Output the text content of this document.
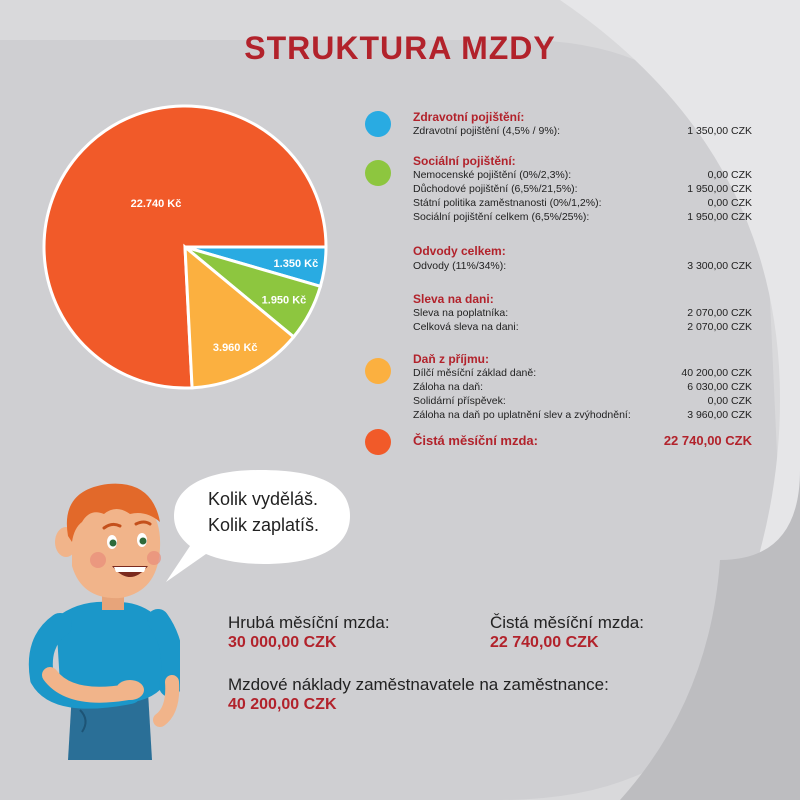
STRUKTURA MZDY
22.740 Kč
1.350 Kč
1.950 Kč
3.960 Kč
Zdravotní pojištění:
Zdravotní pojištění (4,5% / 9%):	1 350,00 CZK
Sociální pojištění:
Nemocenské pojištění (0%/2,3%):	0,00 CZK
Důchodové pojištění (6,5%/21,5%):	1 950,00 CZK
Státní politika zaměstnanosti (0%/1,2%):	0,00 CZK
Sociální pojištění celkem (6,5%/25%):	1 950,00 CZK
Odvody celkem:
Odvody (11%/34%):	3 300,00 CZK
Sleva na dani:
Sleva na poplatníka:	2 070,00 CZK
Celková sleva na dani:	2 070,00 CZK
Daň z příjmu:
Dílčí měsíční základ daně:	40 200,00 CZK
Záloha na daň:	6 030,00 CZK
Solidární příspěvek:	0,00 CZK
Záloha na daň po uplatnění slev a zvýhodnění:	3 960,00 CZK
Čistá měsíční mzda:	22 740,00 CZK
Kolik vyděláš.
Kolik zaplatíš.
Hrubá měsíční mzda:
30 000,00 CZK
Čistá měsíční mzda:
22 740,00 CZK
Mzdové náklady zaměstnavatele na zaměstnance:
40 200,00 CZK
